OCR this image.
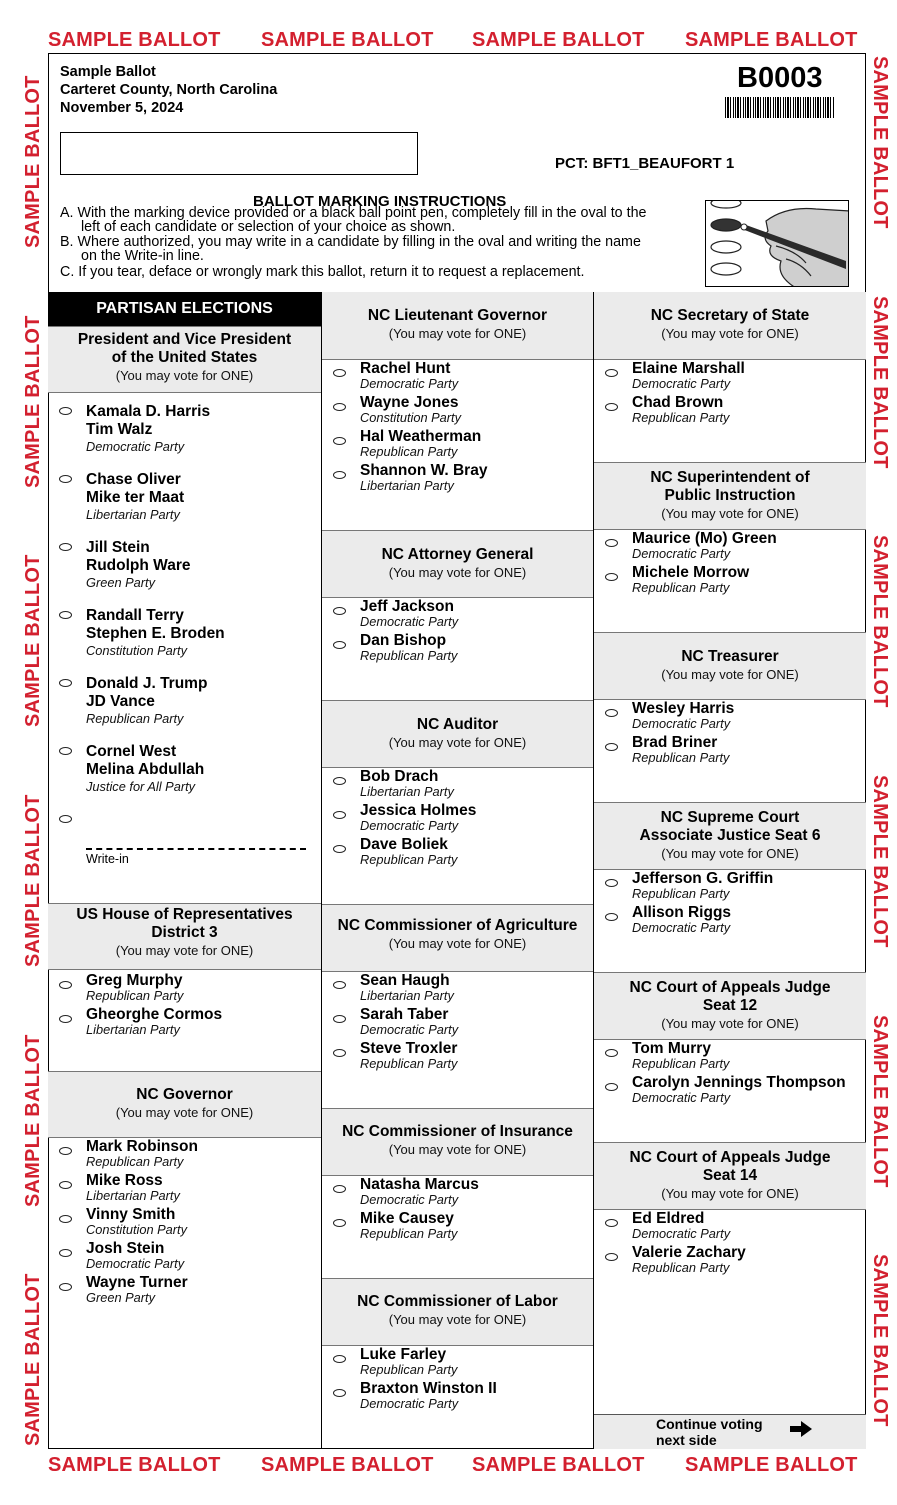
SAMPLE BALLOT SAMPLE BALLOT SAMPLE BALLOT SAMPLE BALLOT
SAMPLE BALLOT SAMPLE BALLOT SAMPLE BALLOT SAMPLE BALLOT
SAMPLE BALLOT
SAMPLE BALLOT
SAMPLE BALLOT
SAMPLE BALLOT
SAMPLE BALLOT
SAMPLE BALLOT
SAMPLE BALLOT
SAMPLE BALLOT
SAMPLE BALLOT
SAMPLE BALLOT
SAMPLE BALLOT
SAMPLE BALLOT
Sample Ballot
Carteret County, North Carolina
November 5, 2024
B0003
PCT: BFT1_BEAUFORT 1
BALLOT MARKING INSTRUCTIONS
A. With the marking device provided or a black ball point pen, completely fill in the oval to the
left of each candidate or selection of your choice as shown.
B. Where authorized, you may write in a candidate by filling in the oval and writing the name
on the Write-in line.
C. If you tear, deface or wrongly mark this ballot, return it to request a replacement.
PARTISAN ELECTIONS
President and Vice President
of the United States
(You may vote for ONE)
Kamala D. Harris
Tim Walz
Democratic Party
Chase Oliver
Mike ter Maat
Libertarian Party
Jill Stein
Rudolph Ware
Green Party
Randall Terry
Stephen E. Broden
Constitution Party
Donald J. Trump
JD Vance
Republican Party
Cornel West
Melina Abdullah
Justice for All Party
Write-in
US House of Representatives
District 3
(You may vote for ONE)
Greg Murphy
Republican Party
Gheorghe Cormos
Libertarian Party
NC Governor
(You may vote for ONE)
Mark Robinson
Republican Party
Mike Ross
Libertarian Party
Vinny Smith
Constitution Party
Josh Stein
Democratic Party
Wayne Turner
Green Party
NC Lieutenant Governor
(You may vote for ONE)
Rachel Hunt
Democratic Party
Wayne Jones
Constitution Party
Hal Weatherman
Republican Party
Shannon W. Bray
Libertarian Party
NC Attorney General
(You may vote for ONE)
Jeff Jackson
Democratic Party
Dan Bishop
Republican Party
NC Auditor
(You may vote for ONE)
Bob Drach
Libertarian Party
Jessica Holmes
Democratic Party
Dave Boliek
Republican Party
NC Commissioner of Agriculture
(You may vote for ONE)
Sean Haugh
Libertarian Party
Sarah Taber
Democratic Party
Steve Troxler
Republican Party
NC Commissioner of Insurance
(You may vote for ONE)
Natasha Marcus
Democratic Party
Mike Causey
Republican Party
NC Commissioner of Labor
(You may vote for ONE)
Luke Farley
Republican Party
Braxton Winston II
Democratic Party
NC Secretary of State
(You may vote for ONE)
Elaine Marshall
Democratic Party
Chad Brown
Republican Party
NC Superintendent of
Public Instruction
(You may vote for ONE)
Maurice (Mo) Green
Democratic Party
Michele Morrow
Republican Party
NC Treasurer
(You may vote for ONE)
Wesley Harris
Democratic Party
Brad Briner
Republican Party
NC Supreme Court
Associate Justice Seat 6
(You may vote for ONE)
Jefferson G. Griffin
Republican Party
Allison Riggs
Democratic Party
NC Court of Appeals Judge
Seat 12
(You may vote for ONE)
Tom Murry
Republican Party
Carolyn Jennings Thompson
Democratic Party
NC Court of Appeals Judge
Seat 14
(You may vote for ONE)
Ed Eldred
Democratic Party
Valerie Zachary
Republican Party
Continue voting
next side
